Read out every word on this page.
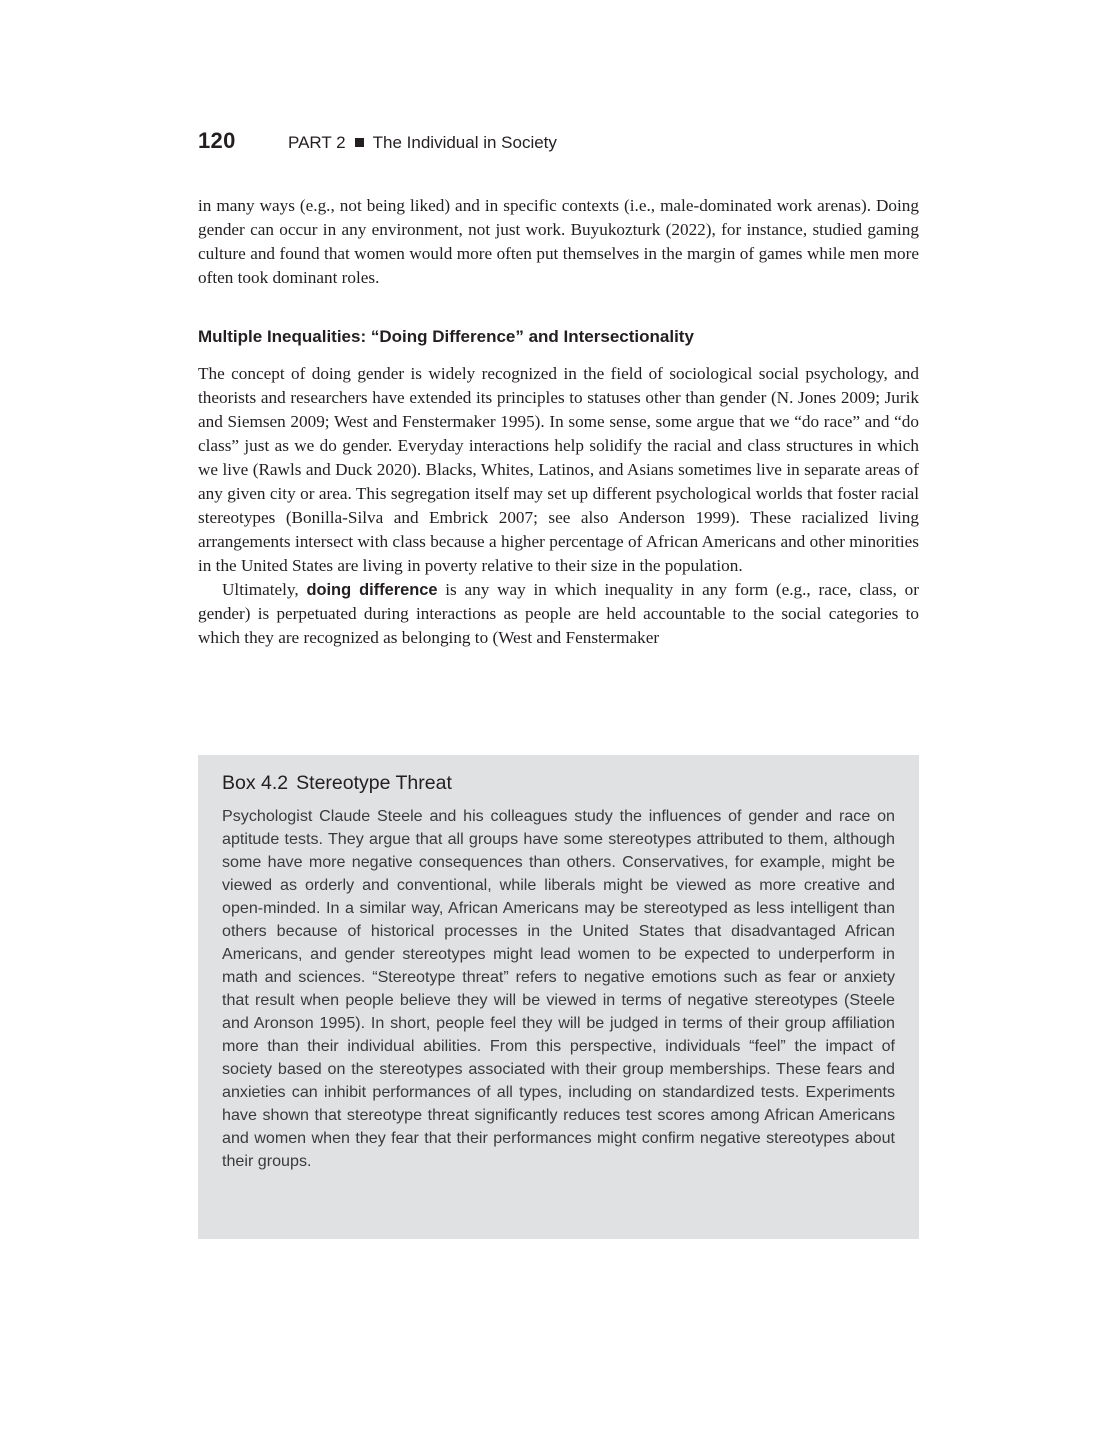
120	PART 2 The Individual in Society

in many ways (e.g., not being liked) and in specific contexts (i.e., male-dominated work arenas). Doing gender can occur in any environment, not just work. Buyukozturk (2022), for instance, studied gaming culture and found that women would more often put themselves in the margin of games while men more often took dominant roles.

Multiple Inequalities: “Doing Difference” and Intersectionality

The concept of doing gender is widely recognized in the field of sociological social psychology, and theorists and researchers have extended its principles to statuses other than gender (N. Jones 2009; Jurik and Siemsen 2009; West and Fenstermaker 1995). In some sense, some argue that we “do race” and “do class” just as we do gender. Everyday interactions help solidify the racial and class structures in which we live (Rawls and Duck 2020). Blacks, Whites, Latinos, and Asians sometimes live in separate areas of any given city or area. This segregation itself may set up different psychological worlds that foster racial stereotypes (Bonilla-Silva and Embrick 2007; see also Anderson 1999). These racialized living arrangements intersect with class because a higher percentage of African Americans and other minorities in the United States are living in poverty relative to their size in the population.

Ultimately, doing difference is any way in which inequality in any form (e.g., race, class, or gender) is perpetuated during interactions as people are held accountable to the social categories to which they are recognized as belonging to (West and Fenstermaker

Box 4.2 Stereotype Threat

Psychologist Claude Steele and his colleagues study the influences of gender and race on aptitude tests. They argue that all groups have some stereotypes attributed to them, although some have more negative consequences than others. Conservatives, for example, might be viewed as orderly and conventional, while liberals might be viewed as more creative and open-minded. In a similar way, African Americans may be stereotyped as less intelligent than others because of historical processes in the United States that disadvantaged African Americans, and gender stereotypes might lead women to be expected to underperform in math and sciences. “Stereotype threat” refers to negative emotions such as fear or anxiety that result when people believe they will be viewed in terms of negative stereotypes (Steele and Aronson 1995). In short, people feel they will be judged in terms of their group affiliation more than their individual abilities. From this perspective, individuals “feel” the impact of society based on the stereotypes associated with their group memberships. These fears and anxieties can inhibit performances of all types, including on standardized tests. Experiments have shown that stereotype threat significantly reduces test scores among African Americans and women when they fear that their performances might confirm negative stereotypes about their groups.
